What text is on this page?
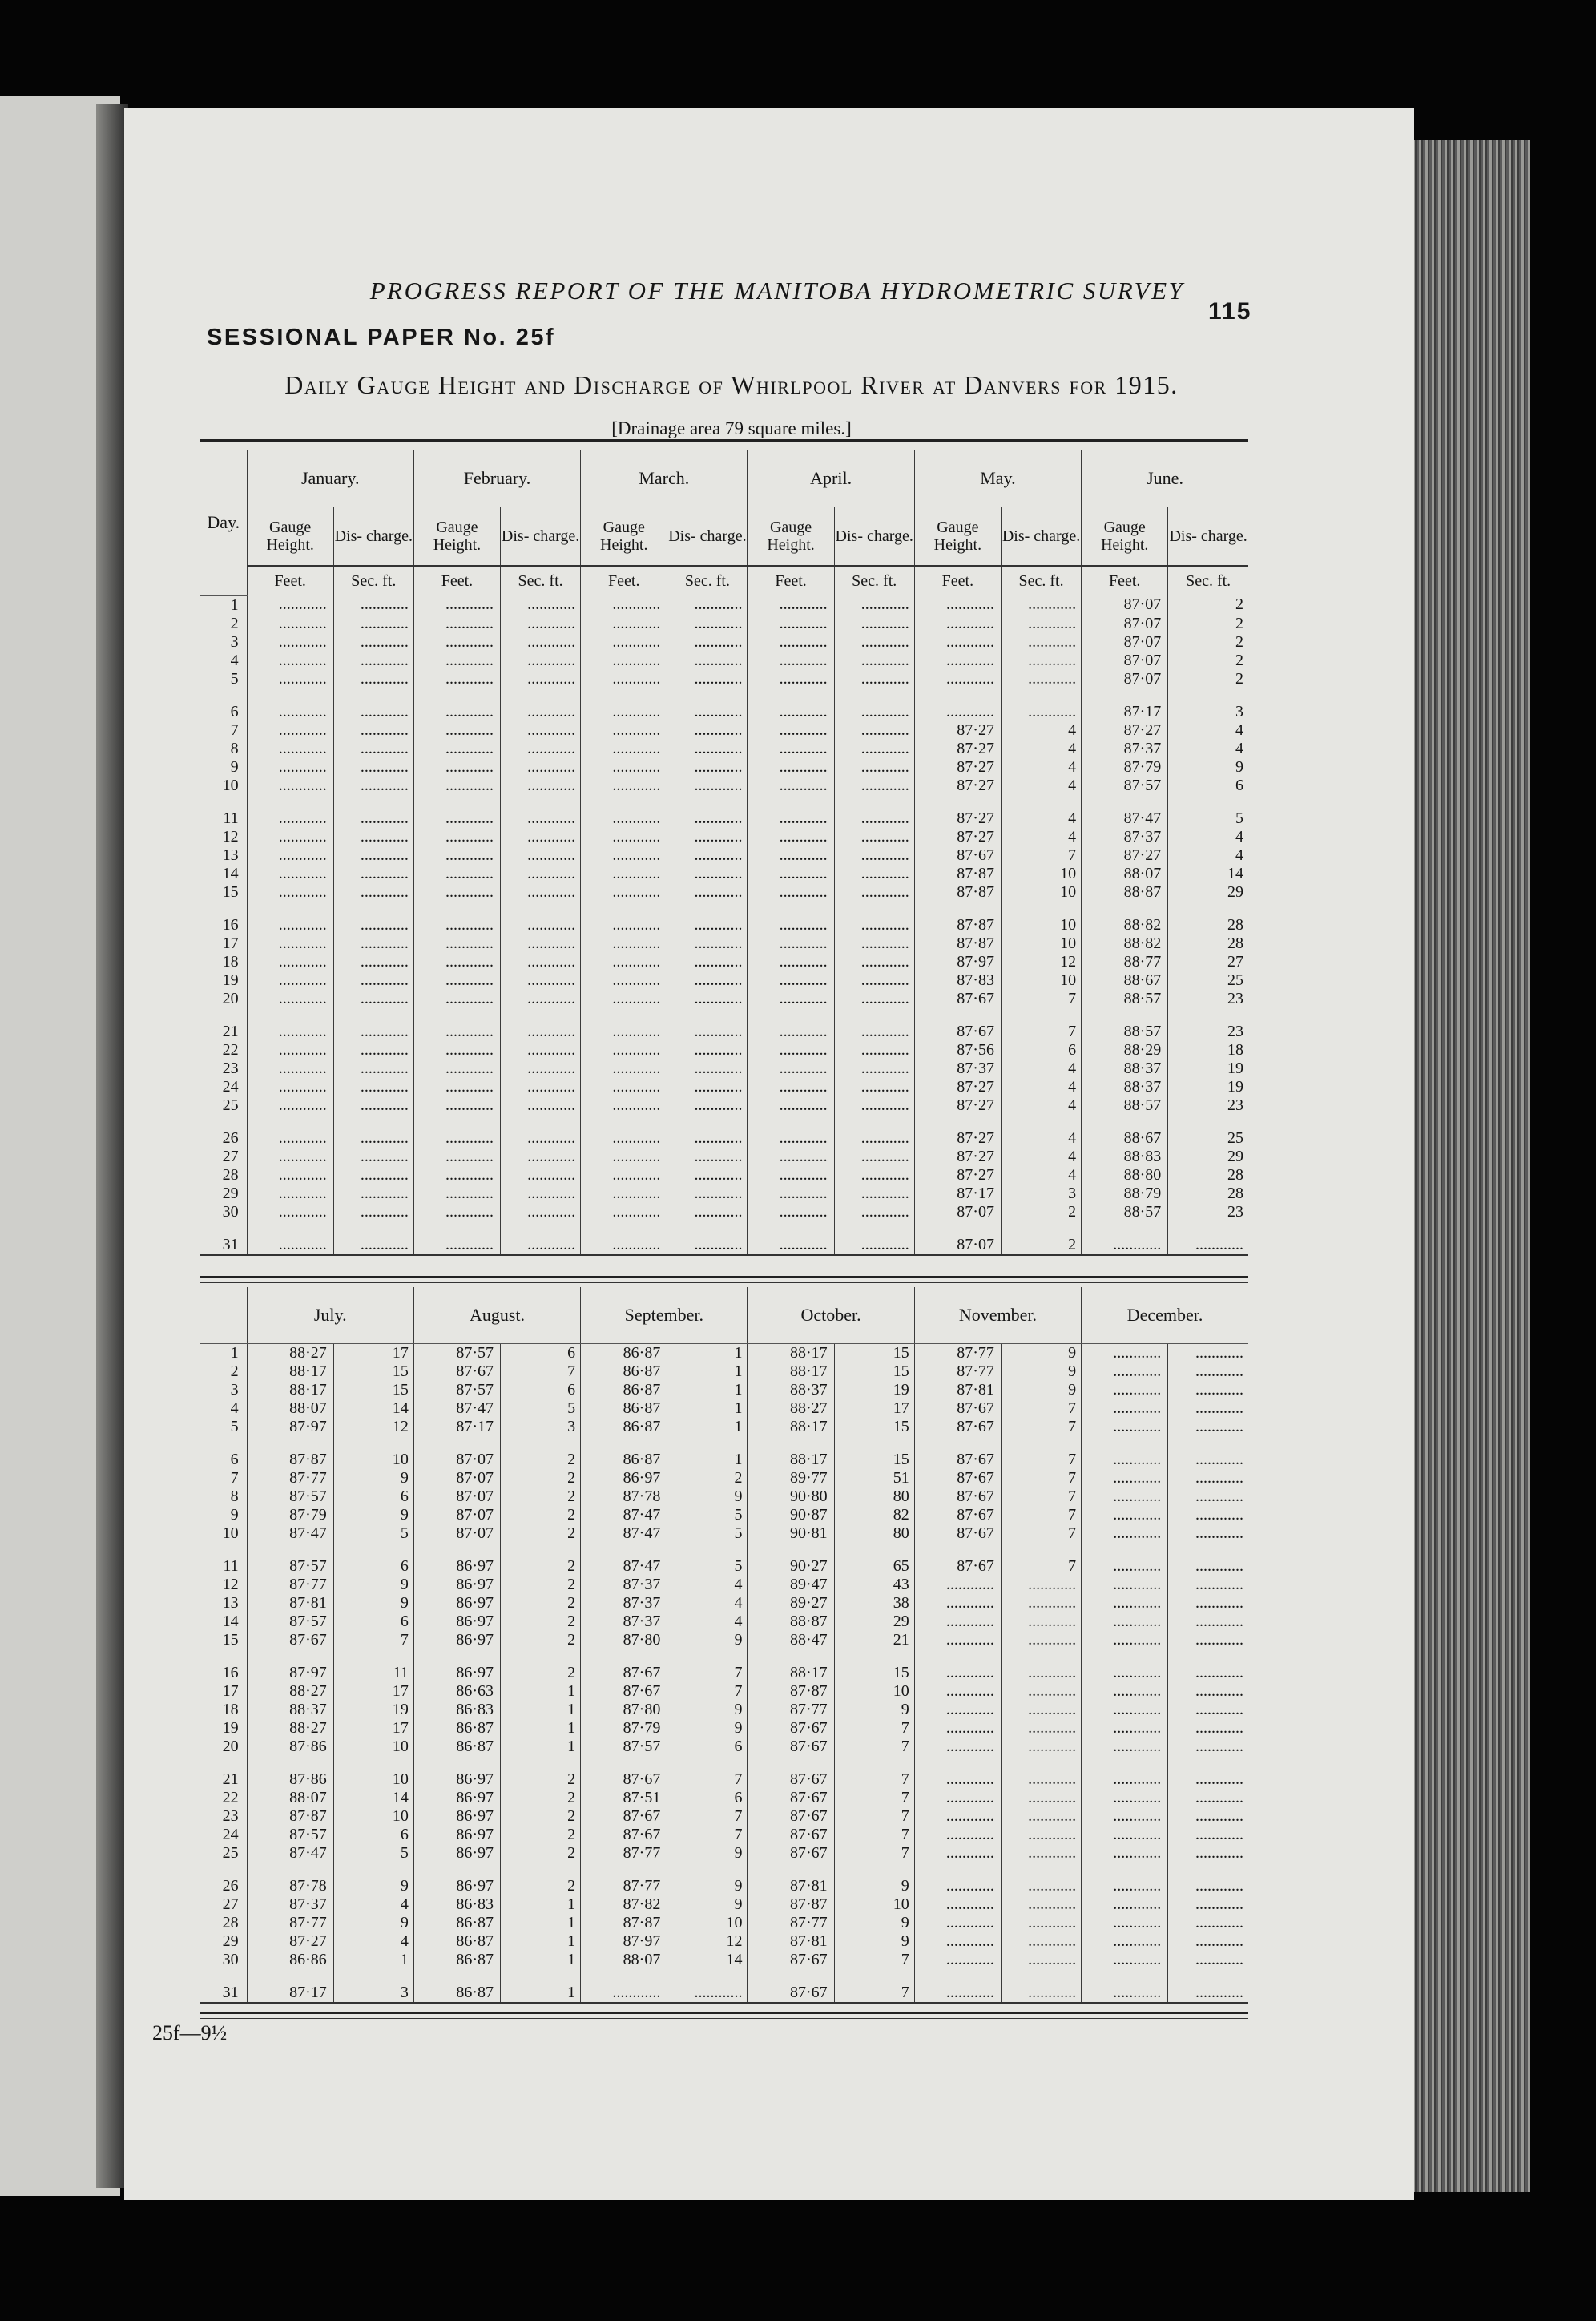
PROGRESS REPORT OF THE MANITOBA HYDROMETRIC SURVEY
115
SESSIONAL PAPER No. 25f
Daily Gauge Height and Discharge of Whirlpool River at Danvers for 1915.
[Drainage area 79 square miles.]
Day.	January.		February.		March.		April.		May.		June.	
	Gauge Height.	Dis- charge.	Gauge Height.	Dis- charge.	Gauge Height.	Dis- charge.	Gauge Height.	Dis- charge.	Gauge Height.	Dis- charge.	Gauge Height.	Dis- charge.
	Feet.	Sec. ft.	Feet.	Sec. ft.	Feet.	Sec. ft.	Feet.	Sec. ft.	Feet.	Sec. ft.	Feet.	Sec. ft.
1	............	............	............	............	............	............	............	............	............	............	87·07	2
2	............	............	............	............	............	............	............	............	............	............	87·07	2
3	............	............	............	............	............	............	............	............	............	............	87·07	2
4	............	............	............	............	............	............	............	............	............	............	87·07	2
5	............	............	............	............	............	............	............	............	............	............	87·07	2
6	............	............	............	............	............	............	............	............	............	............	87·17	3
7	............	............	............	............	............	............	............	............	87·27	4	87·27	4
8	............	............	............	............	............	............	............	............	87·27	4	87·37	4
9	............	............	............	............	............	............	............	............	87·27	4	87·79	9
10	............	............	............	............	............	............	............	............	87·27	4	87·57	6
11	............	............	............	............	............	............	............	............	87·27	4	87·47	5
12	............	............	............	............	............	............	............	............	87·27	4	87·37	4
13	............	............	............	............	............	............	............	............	87·67	7	87·27	4
14	............	............	............	............	............	............	............	............	87·87	10	88·07	14
15	............	............	............	............	............	............	............	............	87·87	10	88·87	29
16	............	............	............	............	............	............	............	............	87·87	10	88·82	28
17	............	............	............	............	............	............	............	............	87·87	10	88·82	28
18	............	............	............	............	............	............	............	............	87·97	12	88·77	27
19	............	............	............	............	............	............	............	............	87·83	10	88·67	25
20	............	............	............	............	............	............	............	............	87·67	7	88·57	23
21	............	............	............	............	............	............	............	............	87·67	7	88·57	23
22	............	............	............	............	............	............	............	............	87·56	6	88·29	18
23	............	............	............	............	............	............	............	............	87·37	4	88·37	19
24	............	............	............	............	............	............	............	............	87·27	4	88·37	19
25	............	............	............	............	............	............	............	............	87·27	4	88·57	23
26	............	............	............	............	............	............	............	............	87·27	4	88·67	25
27	............	............	............	............	............	............	............	............	87·27	4	88·83	29
28	............	............	............	............	............	............	............	............	87·27	4	88·80	28
29	............	............	............	............	............	............	............	............	87·17	3	88·79	28
30	............	............	............	............	............	............	............	............	87·07	2	88·57	23
31	............	............	............	............	............	............	............	............	87·07	2	............	............
	July.		August.		September.		October.		November.		December.	
1	88·27	17	87·57	6	86·87	1	88·17	15	87·77	9	............	............
2	88·17	15	87·67	7	86·87	1	88·17	15	87·77	9	............	............
3	88·17	15	87·57	6	86·87	1	88·37	19	87·81	9	............	............
4	88·07	14	87·47	5	86·87	1	88·27	17	87·67	7	............	............
5	87·97	12	87·17	3	86·87	1	88·17	15	87·67	7	............	............
6	87·87	10	87·07	2	86·87	1	88·17	15	87·67	7	............	............
7	87·77	9	87·07	2	86·97	2	89·77	51	87·67	7	............	............
8	87·57	6	87·07	2	87·78	9	90·80	80	87·67	7	............	............
9	87·79	9	87·07	2	87·47	5	90·87	82	87·67	7	............	............
10	87·47	5	87·07	2	87·47	5	90·81	80	87·67	7	............	............
11	87·57	6	86·97	2	87·47	5	90·27	65	87·67	7	............	............
12	87·77	9	86·97	2	87·37	4	89·47	43	............	............	............	............
13	87·81	9	86·97	2	87·37	4	89·27	38	............	............	............	............
14	87·57	6	86·97	2	87·37	4	88·87	29	............	............	............	............
15	87·67	7	86·97	2	87·80	9	88·47	21	............	............	............	............
16	87·97	11	86·97	2	87·67	7	88·17	15	............	............	............	............
17	88·27	17	86·63	1	87·67	7	87·87	10	............	............	............	............
18	88·37	19	86·83	1	87·80	9	87·77	9	............	............	............	............
19	88·27	17	86·87	1	87·79	9	87·67	7	............	............	............	............
20	87·86	10	86·87	1	87·57	6	87·67	7	............	............	............	............
21	87·86	10	86·97	2	87·67	7	87·67	7	............	............	............	............
22	88·07	14	86·97	2	87·51	6	87·67	7	............	............	............	............
23	87·87	10	86·97	2	87·67	7	87·67	7	............	............	............	............
24	87·57	6	86·97	2	87·67	7	87·67	7	............	............	............	............
25	87·47	5	86·97	2	87·77	9	87·67	7	............	............	............	............
26	87·78	9	86·97	2	87·77	9	87·81	9	............	............	............	............
27	87·37	4	86·83	1	87·82	9	87·87	10	............	............	............	............
28	87·77	9	86·87	1	87·87	10	87·77	9	............	............	............	............
29	87·27	4	86·87	1	87·97	12	87·81	9	............	............	............	............
30	86·86	1	86·87	1	88·07	14	87·67	7	............	............	............	............
31	87·17	3	86·87	1	............	............	87·67	7	............	............	............	............
25f—9½
